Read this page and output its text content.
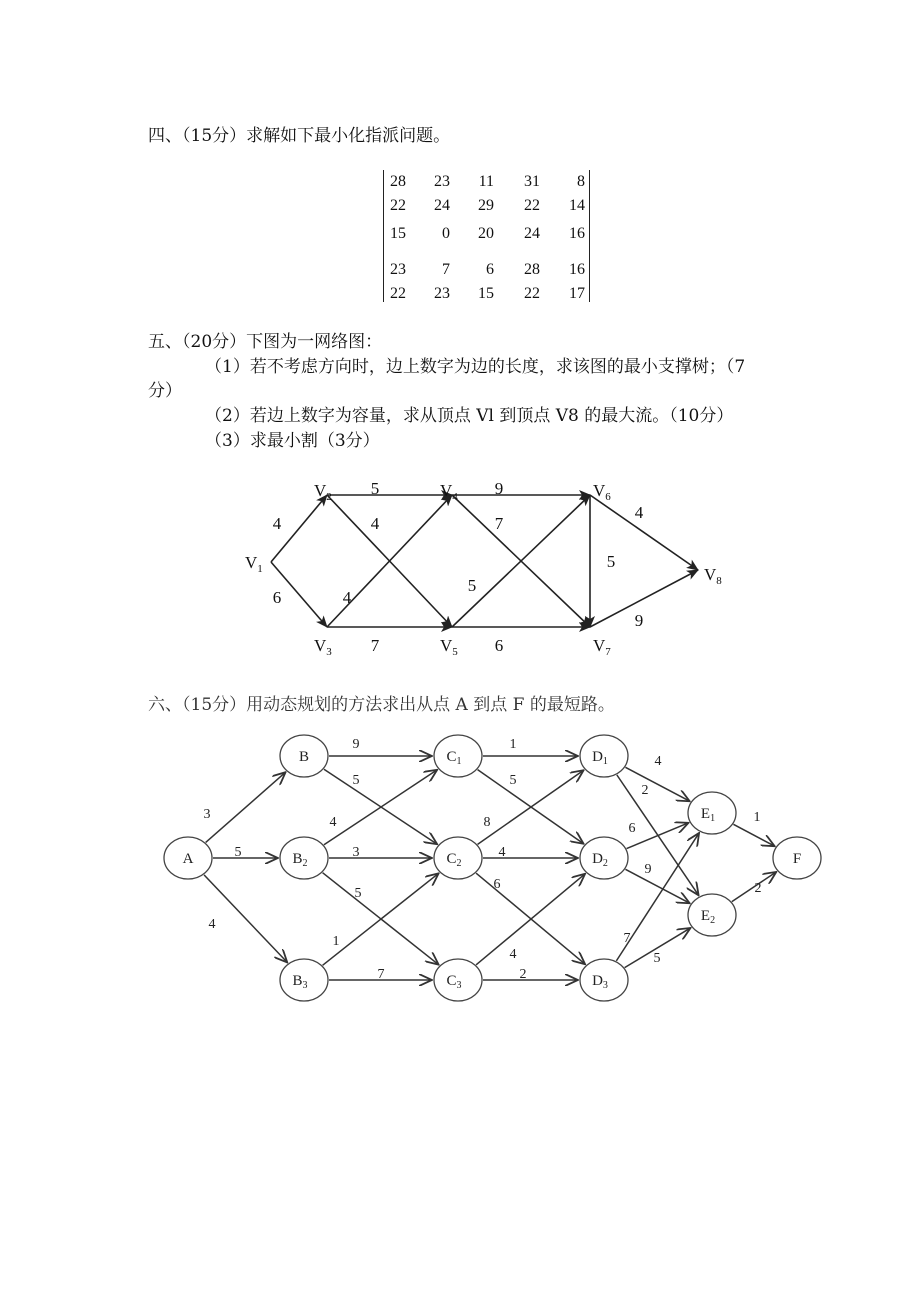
四、（15分）求解如下最小化指派问题。
28 23 11 31 8
22 24 29 22 14
15 0 20 24 16
23 7 6 28 16
22 23 15 22 17
五、（20分）下图为一网络图：
（1）若不考虑方向时，边上数字为边的长度，求该图的最小支撑树；（7
分）
（2）若边上数字为容量，求从顶点 Vl 到顶点 V8 的最大流。（10分）
（3）求最小割（3分）
六、（15分）用动态规划的方法求出从点 A 到点 F 的最短路。
4
6
5
4
4
7
9
7
5
6
5
4
9
$V_1$
$V_2$
$V_3$
$V_4$
$V_5$
$V_6$
$V_7$
$V_8$
3
5
4
9
5
4
3
5
1
7
1
5
8
4
6
4
2
4
2
6
9
7
5
1
2
A
B
$B_2$
$B_3$
$C_1$
$C_2$
$C_3$
$D_1$
$D_2$
$D_3$
$E_1$
$E_2$
F
